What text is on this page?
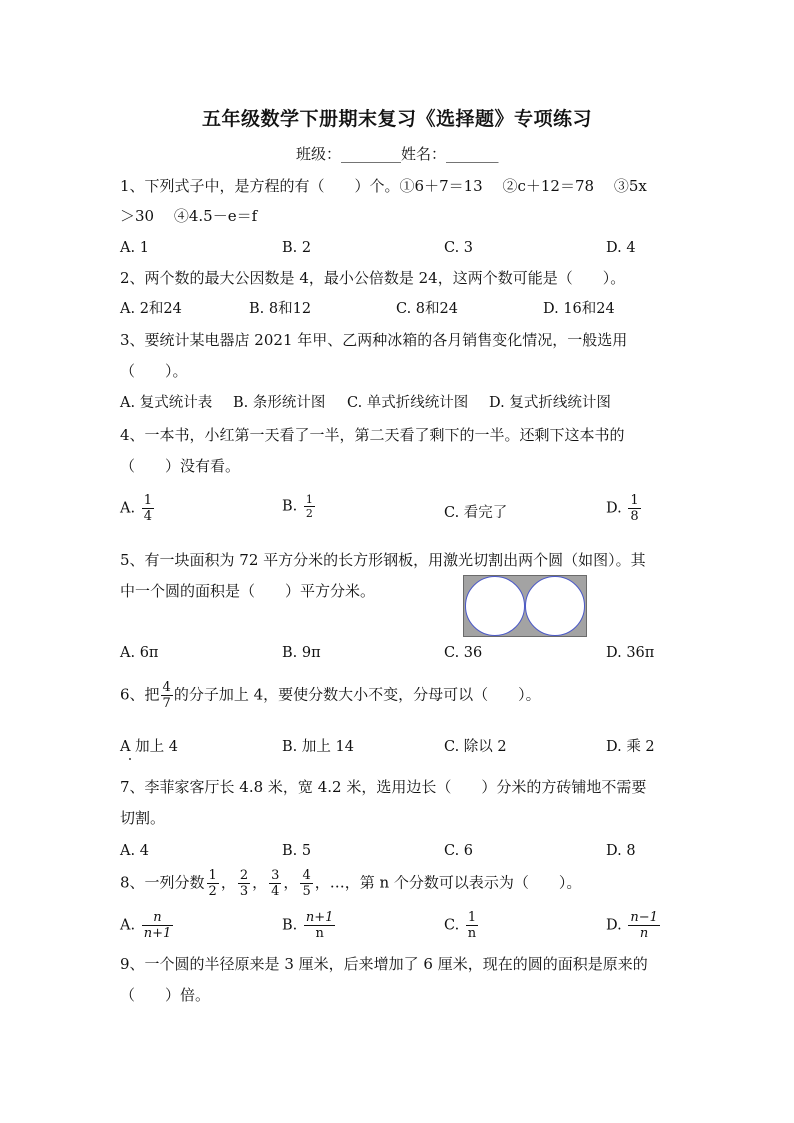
五年级数学下册期末复习《选择题》专项练习
班级：________姓名：_______
1、下列式子中，是方程的有（　　）个。①6＋7＝13　 ②c＋12＝78　 ③5x
＞30　 ④4.5－e＝f
A. 1	B. 2	C. 3	D. 4
2、两个数的最大公因数是 4，最小公倍数是 24，这两个数可能是（　　）。
A. 2和24	B. 8和12	C. 8和24	D. 16和24
3、要统计某电器店 2021 年甲、乙两种冰箱的各月销售变化情况，一般选用
（　　）。
A. 复式统计表 B. 条形统计图 C. 单式折线统计图 D. 复式折线统计图
4、一本书，小红第一天看了一半，第二天看了剩下的一半。还剩下这本书的
（　　）没有看。
A. $\frac{1}{4}$	B. $\frac{1}{2}$	C. 看完了	D. $\frac{1}{8}$
5、有一块面积为 72 平方分米的长方形钢板，用激光切割出两个圆（如图）。其
中一个圆的面积是（　　）平方分米。
A. 6π	B. 9π	C. 36	D. 36π
6、把 $\frac{4}{7}$ 的分子加上 4，要使分数大小不变，分母可以（　　）。
A 加上 4	B. 加上 14	C. 除以 2	D. 乘 2
7、李菲家客厅长 4.8 米，宽 4.2 米，选用边长（　　）分米的方砖铺地不需要
切割。
A. 4	B. 5	C. 6	D. 8
8、一列分数 $\frac{1}{2}$ ， $\frac{2}{3}$ ， $\frac{3}{4}$ ， $\frac{4}{5}$ ，…，第 n 个分数可以表示为（　　）。
A. $\frac{n}{n+1}$	B. $\frac{n+1}{n}$	C. $\frac{1}{n}$	D. $\frac{n-1}{n}$
9、一个圆的半径原来是 3 厘米，后来增加了 6 厘米，现在的圆的面积是原来的
（　　）倍。
